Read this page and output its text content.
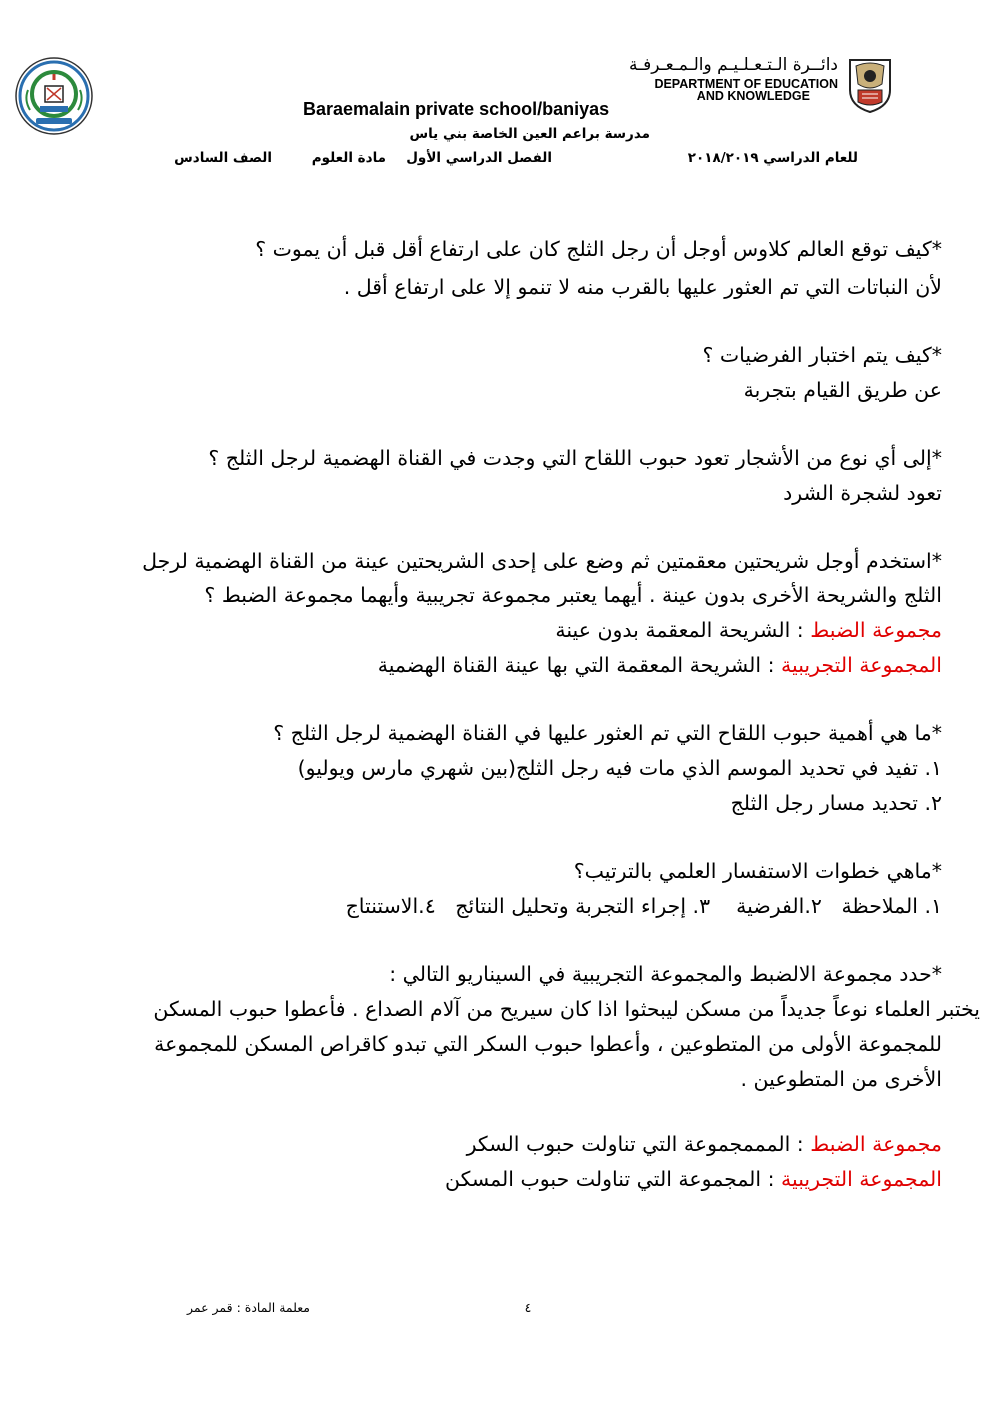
دائــرة الـتـعـلـيـم والـمـعـرفـة
DEPARTMENT OF EDUCATION
AND KNOWLEDGE
Baraemalain private school/baniyas
مدرسة براعم العين الخاصة بني ياس
للعام الدراسي ٢٠١٨/٢٠١٩
الفصل الدراسي الأول
مادة العلوم
الصف السادس
*كيف توقع العالم كلاوس أوجل أن رجل الثلج كان على ارتفاع أقل قبل أن يموت ؟
لأن النباتات التي تم العثور عليها بالقرب منه لا تنمو إلا على ارتفاع أقل .
*كيف يتم اختبار الفرضيات ؟
عن طريق القيام بتجربة
*إلى أي نوع من الأشجار تعود حبوب اللقاح التي وجدت في القناة الهضمية لرجل الثلج ؟
تعود لشجرة الشرد
*استخدم أوجل شريحتين معقمتين ثم وضع على إحدى الشريحتين عينة من القناة الهضمية لرجل
الثلج والشريحة الأخرى بدون عينة . أيهما يعتبر مجموعة تجريبية وأيهما مجموعة الضبط ؟
مجموعة الضبط : الشريحة المعقمة بدون عينة
المجموعة التجريبية : الشريحة المعقمة التي بها عينة القناة الهضمية
*ما هي أهمية حبوب اللقاح التي تم العثور عليها في القناة الهضمية لرجل الثلج ؟
١. تفيد في تحديد الموسم الذي مات فيه رجل الثلج(بين شهري مارس ويوليو)
٢. تحديد مسار رجل الثلج
*ماهي خطوات الاستفسار العلمي بالترتيب؟
١. الملاحظة   ٢.الفرضية    ٣. إجراء التجربة وتحليل النتائج   ٤.الاستنتاج
*حدد مجموعة الالضبط والمجموعة التجريبية في السيناريو التالي :
يختبر العلماء نوعاً جديداً من مسكن ليبحثوا اذا كان سيريح من آلام الصداع . فأعطوا حبوب المسكن
للمجموعة الأولى من المتطوعين ، وأعطوا حبوب السكر التي تبدو كاقراص المسكن للمجموعة
الأخرى من المتطوعين .
مجموعة الضبط : المممجموعة التي تناولت حبوب السكر
المجموعة التجريبية : المجموعة التي تناولت حبوب المسكن
٤
معلمة المادة : قمر عمر
